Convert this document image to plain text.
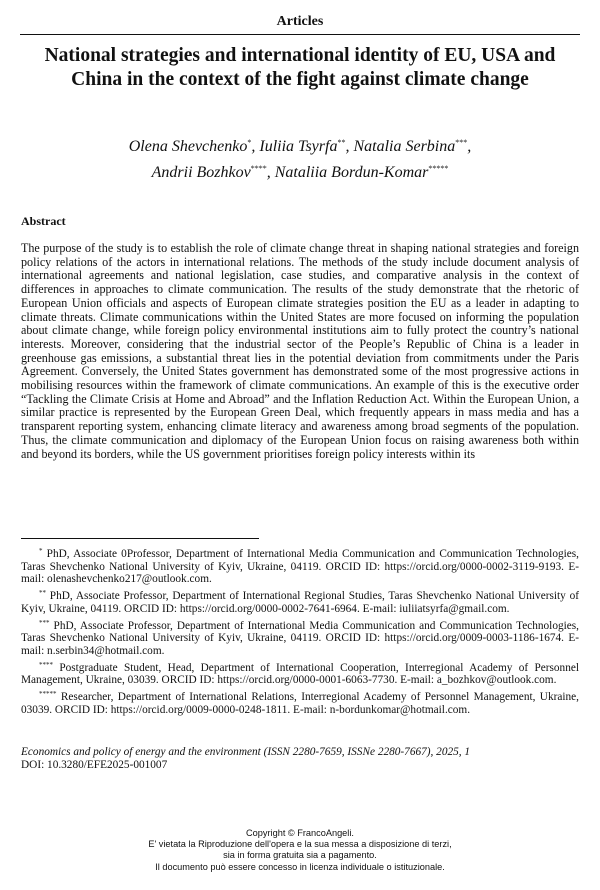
Articles
National strategies and international identity of EU, USA and China in the context of the fight against climate change
Olena Shevchenko*, Iuliia Tsyrfa**, Natalia Serbina***,
Andrii Bozhkov****, Nataliia Bordun-Komar*****
Abstract

The purpose of the study is to establish the role of climate change threat in shaping national strategies and foreign policy relations of the actors in international relations. The methods of the study include document analysis of international agreements and national legislation, case studies, and comparative analysis in the context of differences in approaches to climate communication. The results of the study demonstrate that the rhetoric of European Union officials and aspects of European climate strategies position the EU as a leader in adapting to climate threats. Climate communications within the United States are more focused on informing the population about climate change, while foreign policy environmental institutions aim to fully protect the country’s national interests. Moreover, considering that the industrial sector of the People’s Republic of China is a leader in greenhouse gas emissions, a substantial threat lies in the potential deviation from commitments under the Paris Agreement. Conversely, the United States government has demonstrated some of the most progressive actions in mobilising resources within the framework of climate communications. An example of this is the executive order “Tackling the Climate Crisis at Home and Abroad” and the Inflation Reduction Act. Within the European Union, a similar practice is represented by the European Green Deal, which frequently appears in mass media and has a transparent reporting system, enhancing climate literacy and awareness among broad segments of the population. Thus, the climate communication and diplomacy of the European Union focus on raising awareness both within and beyond its borders, while the US government prioritises foreign policy interests within its

* PhD, Associate 0Professor, Department of International Media Communication and Communication Technologies, Taras Shevchenko National University of Kyiv, Ukraine, 04119. ORCID ID: https://orcid.org/0000-0002-3119-9193. E-mail: olenashevchenko217@outlook.com.

** PhD, Associate Professor, Department of International Regional Studies, Taras Shevchenko National University of Kyiv, Ukraine, 04119. ORCID ID: https://orcid.org/0000-0002-7641-6964. E-mail: iuliiatsyrfa@gmail.com.

*** PhD, Associate Professor, Department of International Media Communication and Communication Technologies, Taras Shevchenko National University of Kyiv, Ukraine, 04119. ORCID ID: https://orcid.org/0009-0003-1186-1674. E-mail: n.serbin34@hotmail.com.

**** Postgraduate Student, Head, Department of International Cooperation, Interregional Academy of Personnel Management, Ukraine, 03039. ORCID ID: https://orcid.org/0000-0001-6063-7730. E-mail: a_bozhkov@outlook.com.

***** Researcher, Department of International Relations, Interregional Academy of Personnel Management, Ukraine, 03039. ORCID ID: https://orcid.org/0009-0000-0248-1811. E-mail: n-bordunkomar@hotmail.com.

Economics and policy of energy and the environment (ISSN 2280-7659, ISSNe 2280-7667), 2025, 1
DOI: 10.3280/EFE2025-001007
Copyright © FrancoAngeli.
E' vietata la Riproduzione dell'opera e la sua messa a disposizione di terzi,
sia in forma gratuita sia a pagamento.
Il documento può essere concesso in licenza individuale o istituzionale.
